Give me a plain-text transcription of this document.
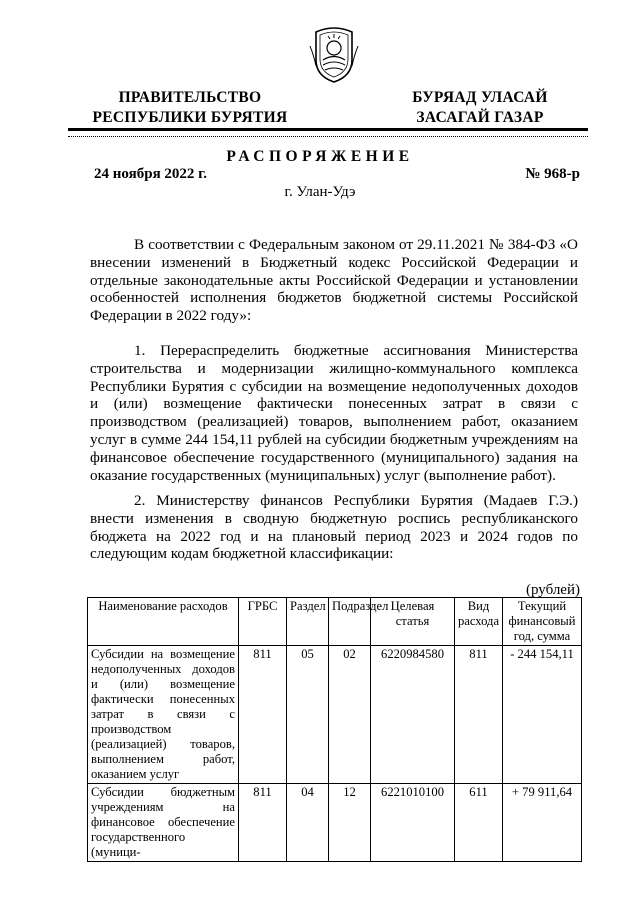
ПРАВИТЕЛЬСТВО
РЕСПУБЛИКИ БУРЯТИЯ
БУРЯАД УЛАСАЙ
ЗАСАГАЙ ГАЗАР
РАСПОРЯЖЕНИЕ
24 ноября 2022 г.	№ 968-р
г. Улан-Удэ

В соответствии с Федеральным законом от 29.11.2021 № 384-ФЗ «О внесении изменений в Бюджетный кодекс Российской Федерации и отдельные законодательные акты Российской Федерации и установлении особенностей исполнения бюджетов бюджетной системы Российской Федерации в 2022 году»:

1. Перераспределить бюджетные ассигнования Министерства строительства и модернизации жилищно-коммунального комплекса Республики Бурятия с субсидии на возмещение недополученных доходов и (или) возмещение фактически понесенных затрат в связи с производством (реализацией) товаров, выполнением работ, оказанием услуг в сумме 244 154,11 рублей на субсидии бюджетным учреждениям на финансовое обеспечение государственного (муниципального) задания на оказание государственных (муниципальных) услуг (выполнение работ).

2. Министерству финансов Республики Бурятия (Мадаев Г.Э.) внести изменения в сводную бюджетную роспись республиканского бюджета на 2022 год и на плановый период 2023 и 2024 годов по следующим кодам бюджетной классификации:

(рублей)
Наименование расходов	ГРБС	Раздел	Подраздел	Целевая статья	Вид расхода	Текущий финансовый год, сумма
Субсидии на возмещение недополученных доходов и (или) возмещение фактически понесенных затрат в связи с производством (реализацией) товаров, выполнением работ, оказанием услуг	811	05	02	6220984580	811	- 244 154,11
Субсидии бюджетным учреждениям на финансовое обеспечение государственного (муници-	811	04	12	6221010100	611	+ 79 911,64
